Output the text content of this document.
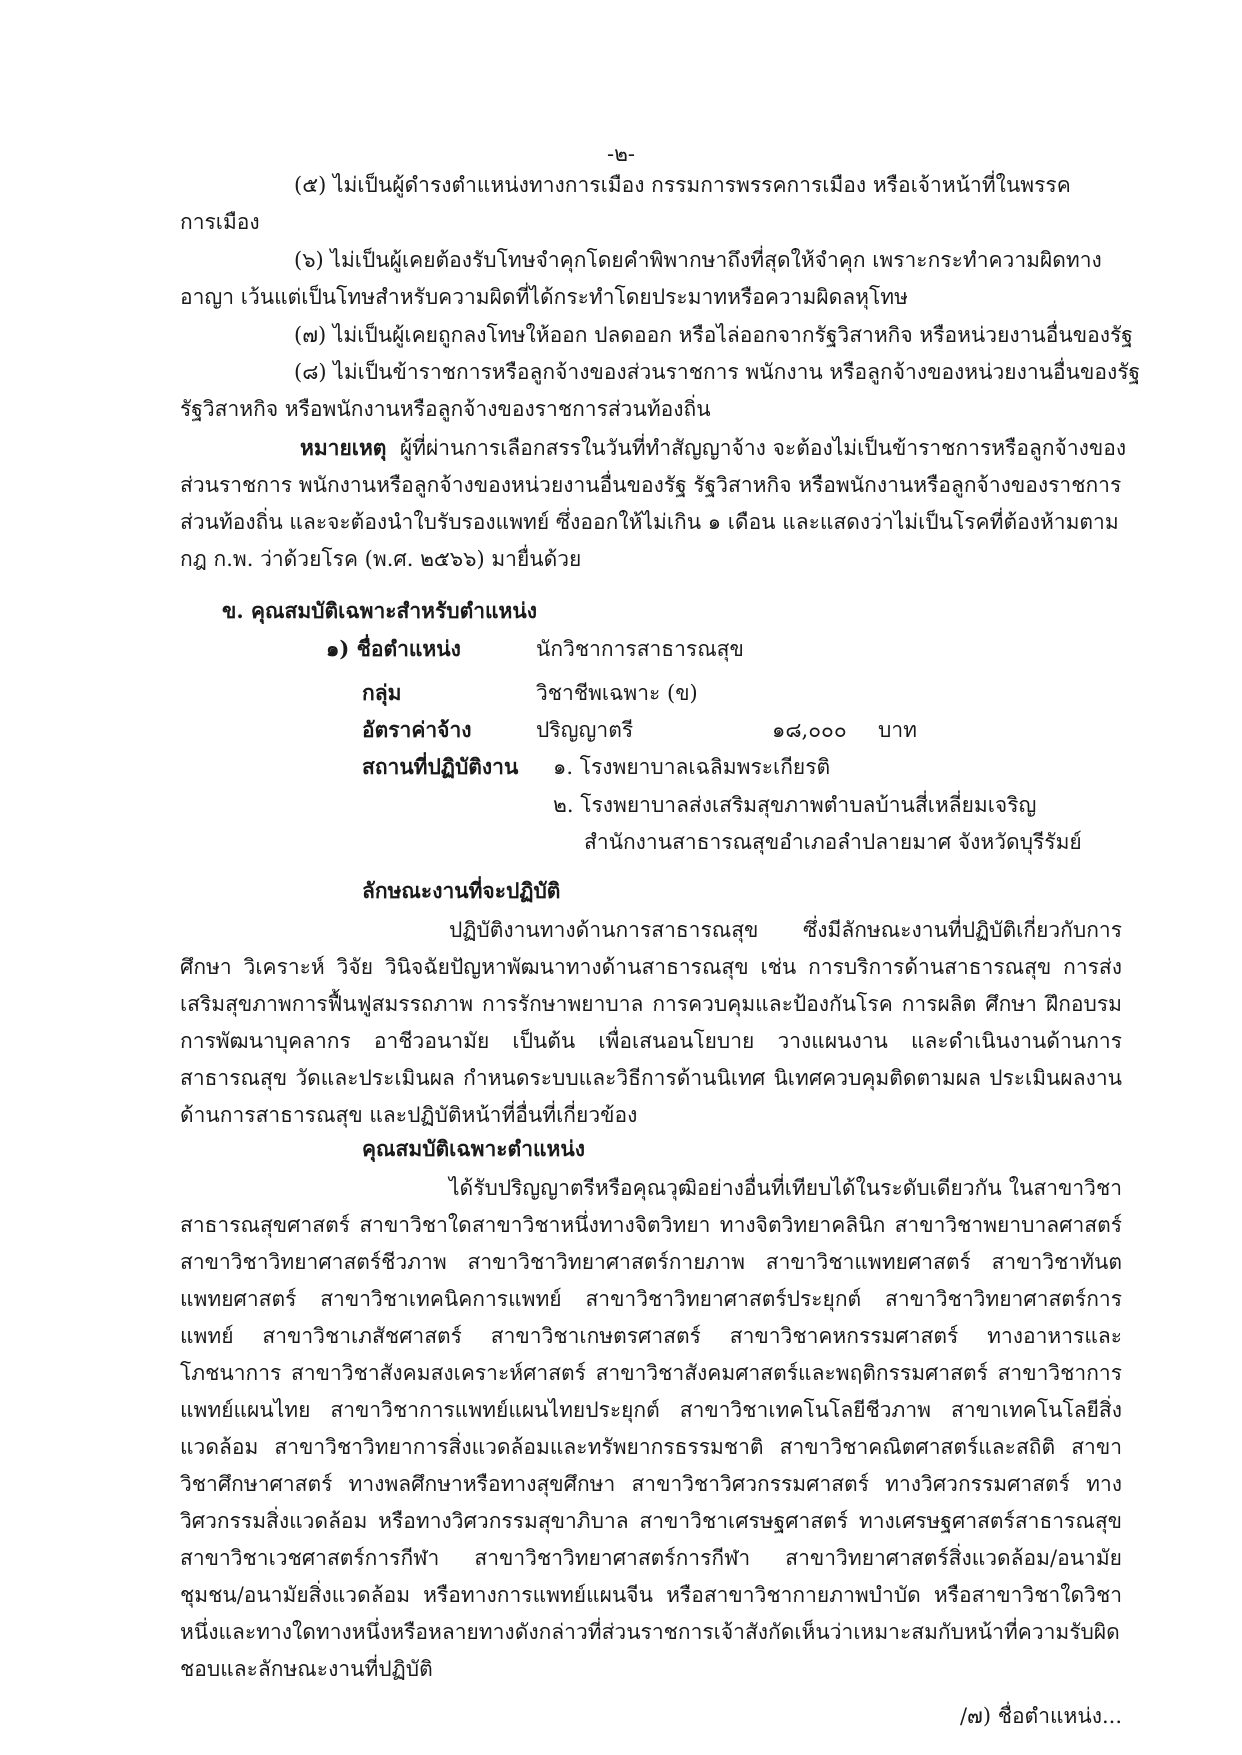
-๒-
(๕) ไม่เป็นผู้ดำรงตำแหน่งทางการเมือง กรรมการพรรคการเมือง หรือเจ้าหน้าที่ในพรรค
การเมือง
(๖) ไม่เป็นผู้เคยต้องรับโทษจำคุกโดยคำพิพากษาถึงที่สุดให้จำคุก เพราะกระทำความผิดทาง
อาญา เว้นแต่เป็นโทษสำหรับความผิดที่ได้กระทำโดยประมาทหรือความผิดลหุโทษ
(๗) ไม่เป็นผู้เคยถูกลงโทษให้ออก ปลดออก หรือไล่ออกจากรัฐวิสาหกิจ หรือหน่วยงานอื่นของรัฐ
(๘) ไม่เป็นข้าราชการหรือลูกจ้างของส่วนราชการ พนักงาน หรือลูกจ้างของหน่วยงานอื่นของรัฐ
รัฐวิสาหกิจ หรือพนักงานหรือลูกจ้างของราชการส่วนท้องถิ่น
หมายเหตุ ผู้ที่ผ่านการเลือกสรรในวันที่ทำสัญญาจ้าง จะต้องไม่เป็นข้าราชการหรือลูกจ้างของ
ส่วนราชการ พนักงานหรือลูกจ้างของหน่วยงานอื่นของรัฐ รัฐวิสาหกิจ หรือพนักงานหรือลูกจ้างของราชการ
ส่วนท้องถิ่น และจะต้องนำใบรับรองแพทย์ ซึ่งออกให้ไม่เกิน ๑ เดือน และแสดงว่าไม่เป็นโรคที่ต้องห้ามตาม
กฎ ก.พ. ว่าด้วยโรค (พ.ศ. ๒๕๖๖) มายื่นด้วย
ข. คุณสมบัติเฉพาะสำหรับตำแหน่ง
๑) ชื่อตำแหน่ง	นักวิชาการสาธารณสุข
กลุ่ม	วิชาชีพเฉพาะ (ข)
อัตราค่าจ้าง	ปริญญาตรี	๑๘,๐๐๐ บาท
สถานที่ปฏิบัติงาน ๑. โรงพยาบาลเฉลิมพระเกียรติ
๒. โรงพยาบาลส่งเสริมสุขภาพตำบลบ้านสี่เหลี่ยมเจริญ
สำนักงานสาธารณสุขอำเภอลำปลายมาศ จังหวัดบุรีรัมย์
ลักษณะงานที่จะปฏิบัติ
ปฏิบัติงานทางด้านการสาธารณสุข ซึ่งมีลักษณะงานที่ปฏิบัติเกี่ยวกับการศึกษา วิเคราะห์ วิจัย วินิจฉัยปัญหาพัฒนาทางด้านสาธารณสุข เช่น การบริการด้านสาธารณสุข การส่งเสริมสุขภาพการฟื้นฟูสมรรถภาพ การรักษาพยาบาล การควบคุมและป้องกันโรค การผลิต ศึกษา ฝึกอบรม การพัฒนาบุคลากร อาชีวอนามัย เป็นต้น เพื่อเสนอนโยบาย วางแผนงาน และดำเนินงานด้านการสาธารณสุข วัดและประเมินผล กำหนดระบบและวิธีการด้านนิเทศ นิเทศควบคุมติดตามผล ประเมินผลงานด้านการสาธารณสุข และปฏิบัติหน้าที่อื่นที่เกี่ยวข้อง
คุณสมบัติเฉพาะตำแหน่ง
ได้รับปริญญาตรีหรือคุณวุฒิอย่างอื่นที่เทียบได้ในระดับเดียวกัน ในสาขาวิชาสาธารณสุขศาสตร์ สาขาวิชาใดสาขาวิชาหนึ่งทางจิตวิทยา ทางจิตวิทยาคลินิก สาขาวิชาพยาบาลศาสตร์ สาขาวิชาวิทยาศาสตร์ชีวภาพ สาขาวิชาวิทยาศาสตร์กายภาพ สาขาวิชาแพทยศาสตร์ สาขาวิชาทันตแพทยศาสตร์ สาขาวิชาเทคนิคการแพทย์ สาขาวิชาวิทยาศาสตร์ประยุกต์ สาขาวิชาวิทยาศาสตร์การแพทย์ สาขาวิชาเภสัชศาสตร์ สาขาวิชาเกษตรศาสตร์ สาขาวิชาคหกรรมศาสตร์ ทางอาหารและโภชนาการ สาขาวิชาสังคมสงเคราะห์ศาสตร์ สาขาวิชาสังคมศาสตร์และพฤติกรรมศาสตร์ สาขาวิชาการแพทย์แผนไทย สาขาวิชาการแพทย์แผนไทยประยุกต์ สาขาวิชาเทคโนโลยีชีวภาพ สาขาเทคโนโลยีสิ่งแวดล้อม สาขาวิชาวิทยาการสิ่งแวดล้อมและทรัพยากรธรรมชาติ สาขาวิชาคณิตศาสตร์และสถิติ สาขาวิชาศึกษาศาสตร์ ทางพลศึกษาหรือทางสุขศึกษา สาขาวิชาวิศวกรรมศาสตร์ ทางวิศวกรรมศาสตร์ ทางวิศวกรรมสิ่งแวดล้อม หรือทางวิศวกรรมสุขาภิบาล สาขาวิชาเศรษฐศาสตร์ ทางเศรษฐศาสตร์สาธารณสุข สาขาวิชาเวชศาสตร์การกีฬา สาขาวิชาวิทยาศาสตร์การกีฬา สาขาวิทยาศาสตร์สิ่งแวดล้อม/อนามัยชุมชน/อนามัยสิ่งแวดล้อม หรือทางการแพทย์แผนจีน หรือสาขาวิชากายภาพบำบัด หรือสาขาวิชาใดวิชาหนึ่งและทางใดทางหนึ่งหรือหลายทางดังกล่าวที่ส่วนราชการเจ้าสังกัดเห็นว่าเหมาะสมกับหน้าที่ความรับผิดชอบและลักษณะงานที่ปฏิบัติ
/๗) ชื่อตำแหน่ง...
